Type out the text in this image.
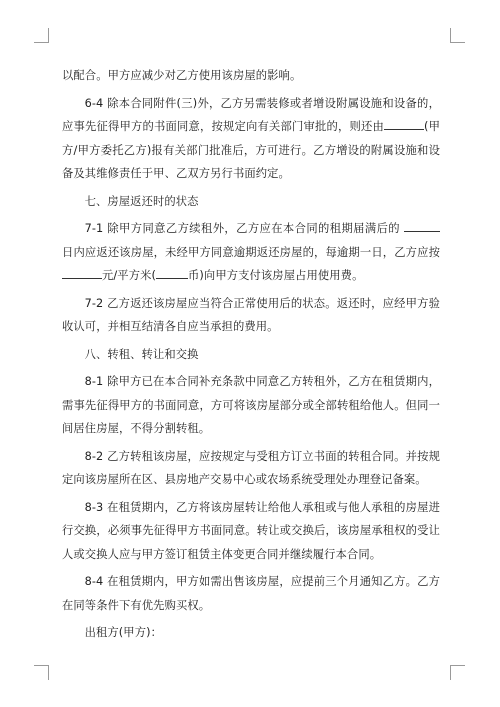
以配合。甲方应减少对乙方使用该房屋的影响。

6-4 除本合同附件(三)外，乙方另需装修或者增设附属设施和设备的，应事先征得甲方的书面同意，按规定向有关部门审批的，则还由	(甲方/甲方委托乙方)报有关部门批准后，方可进行。乙方增设的附属设施和设备及其维修责任于甲、乙双方另行书面约定。

七、房屋返还时的状态

7-1 除甲方同意乙方续租外，乙方应在本合同的租期届满后的 日内应返还该房屋，未经甲方同意逾期返还房屋的，每逾期一日，乙方应按元/平方米(	币)向甲方支付该房屋占用使用费。

7-2 乙方返还该房屋应当符合正常使用后的状态。返还时，应经甲方验收认可，并相互结清各自应当承担的费用。

八、转租、转让和交换

8-1 除甲方已在本合同补充条款中同意乙方转租外，乙方在租赁期内，需事先征得甲方的书面同意，方可将该房屋部分或全部转租给他人。但同一间居住房屋，不得分割转租。

8-2 乙方转租该房屋，应按规定与受租方订立书面的转租合同。并按规定向该房屋所在区、县房地产交易中心或农场系统受理处办理登记备案。

8-3 在租赁期内，乙方将该房屋转让给他人承租或与他人承租的房屋进行交换，必须事先征得甲方书面同意。转让或交换后，该房屋承租权的受让人或交换人应与甲方签订租赁主体变更合同并继续履行本合同。

8-4 在租赁期内，甲方如需出售该房屋，应提前三个月通知乙方。乙方在同等条件下有优先购买权。

出租方(甲方)：
